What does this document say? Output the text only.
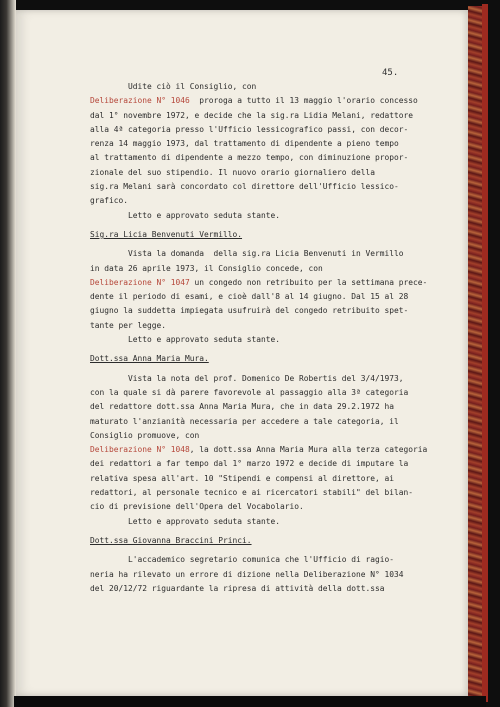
45.
Udite ciò il Consiglio, con
Deliberazione N° 1046  proroga a tutto il 13 maggio l'orario concesso
dal 1° novembre 1972, e decide che la sig.ra Lidia Melani, redattore
alla 4ª categoria presso l'Ufficio lessicografico passi, con decor-
renza 14 maggio 1973, dal trattamento di dipendente a pieno tempo
al trattamento di dipendente a mezzo tempo, con diminuzione propor-
zionale del suo stipendio. Il nuovo orario giornaliero della
sig.ra Melani sarà concordato col direttore dell'Ufficio lessico-
grafico.
Letto e approvato seduta stante.
Sig.ra Licia Benvenuti Vermillo.
Vista la domanda  della sig.ra Licia Benvenuti in Vermillo
in data 26 aprile 1973, il Consiglio concede, con
Deliberazione N° 1047 un congedo non retribuito per la settimana prece-
dente il periodo di esami, e cioè dall'8 al 14 giugno. Dal 15 al 28
giugno la suddetta impiegata usufruirà del congedo retribuito spet-
tante per legge.
Letto e approvato seduta stante.
Dott.ssa Anna Maria Mura.
Vista la nota del prof. Domenico De Robertis del 3/4/1973,
con la quale si dà parere favorevole al passaggio alla 3ª categoria
del redattore dott.ssa Anna Maria Mura, che in data 29.2.1972 ha
maturato l'anzianità necessaria per accedere a tale categoria, il
Consiglio promuove, con
Deliberazione N° 1048, la dott.ssa Anna Maria Mura alla terza categoria
dei redattori a far tempo dal 1° marzo 1972 e decide di imputare la
relativa spesa all'art. 10 "Stipendi e compensi al direttore, ai
redattori, al personale tecnico e ai ricercatori stabili" del bilan-
cio di previsione dell'Opera del Vocabolario.
Letto e approvato seduta stante.
Dott.ssa Giovanna Braccini Princi.
L'accademico segretario comunica che l'Ufficio di ragio-
neria ha rilevato un errore di dizione nella Deliberazione N° 1034
del 20/12/72 riguardante la ripresa di attività della dott.ssa
